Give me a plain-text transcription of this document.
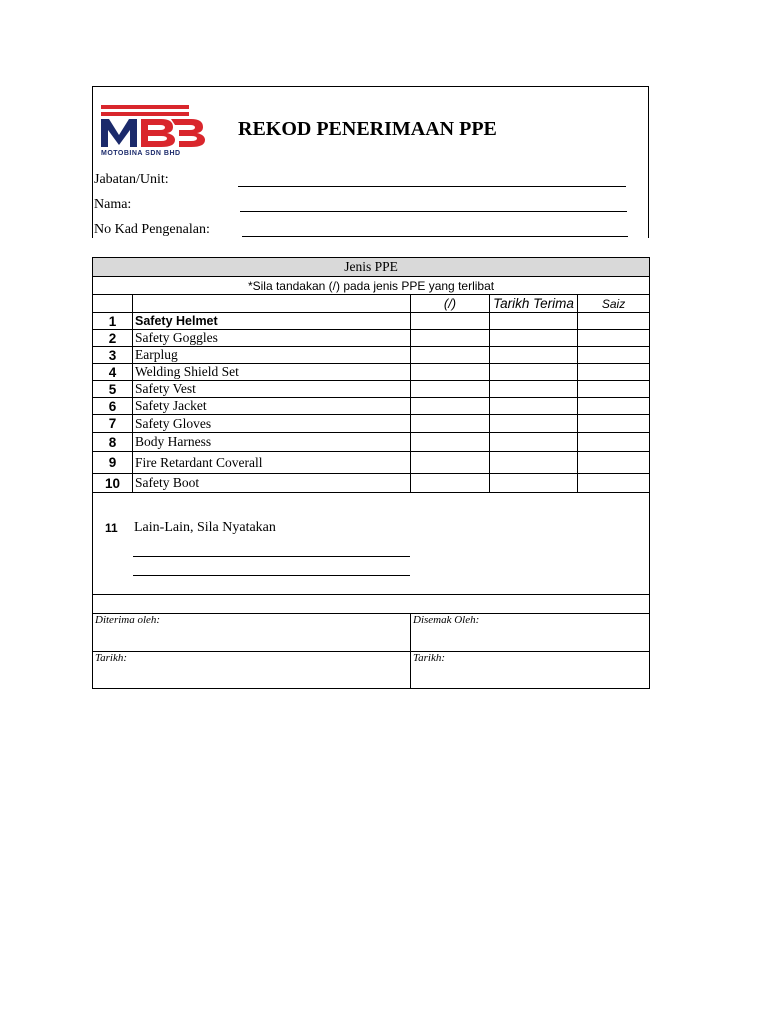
MOTOBINA SDN BHD
REKOD PENERIMAAN PPE
Jabatan/Unit:
Nama:
No Kad Pengenalan:
Jenis PPE				
*Sila tandakan (/) pada jenis PPE yang terlibat				
		(/)	Tarikh Terima	Saiz
1	Safety Helmet			
2	Safety Goggles			
3	Earplug			
4	Welding Shield Set			
5	Safety Vest			
6	Safety Jacket			
7	Safety Gloves			
8	Body Harness			
9	Fire Retardant Coverall			
10	Safety Boot			

11 Lain-Lain, Sila Nyatakan				

Diterima oleh:		Disemak Oleh:		
Tarikh:		Tarikh:		
